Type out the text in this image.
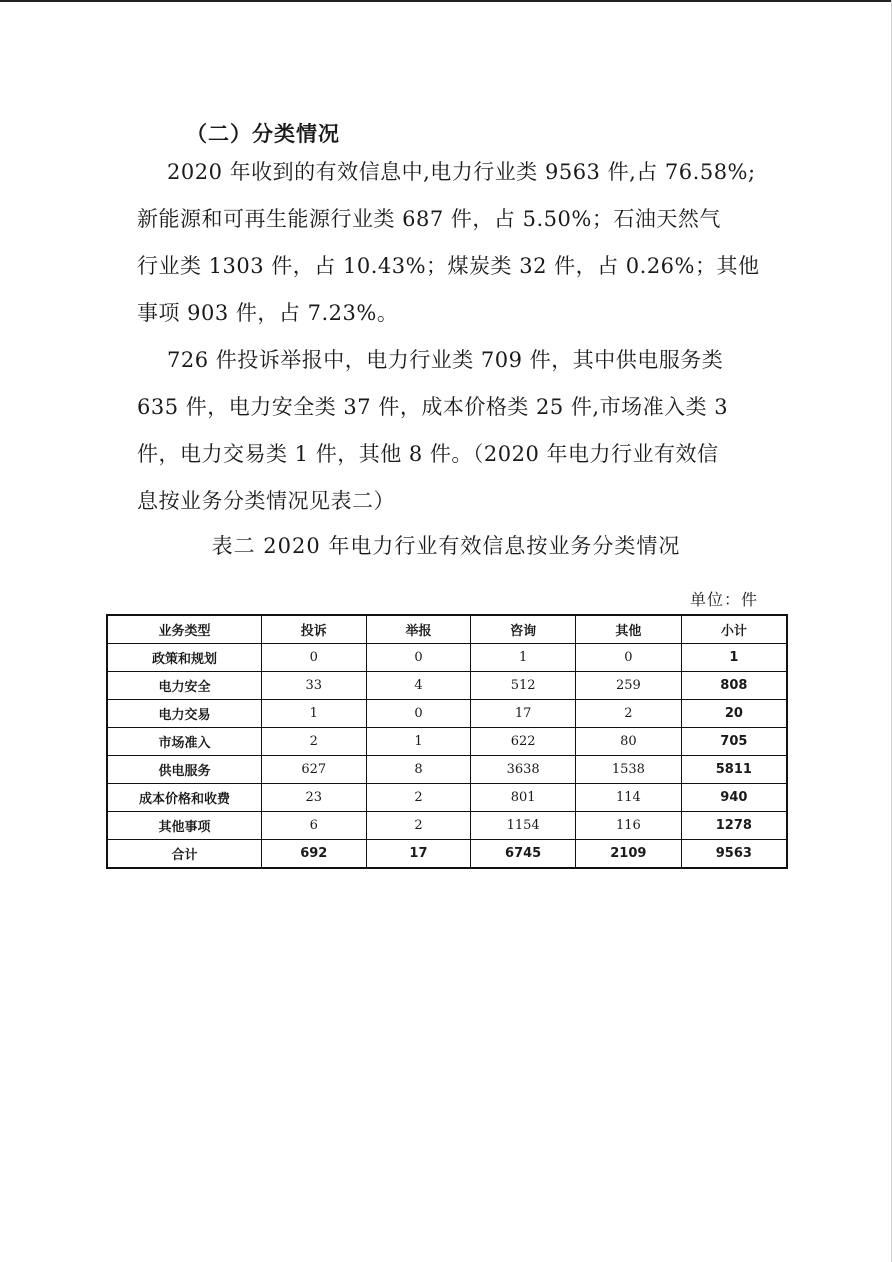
（二）分类情况
2020 年收到的有效信息中,电力行业类 9563 件,占 76.58%;
新能源和可再生能源行业类 687 件，占 5.50%；石油天然气
行业类 1303 件，占 10.43%；煤炭类 32 件，占 0.26%；其他
事项 903 件，占 7.23%。
726 件投诉举报中，电力行业类 709 件，其中供电服务类
635 件，电力安全类 37 件，成本价格类 25 件,市场准入类 3
件，电力交易类 1 件，其他 8 件。（2020 年电力行业有效信
息按业务分类情况见表二）
表二 2020 年电力行业有效信息按业务分类情况
单位：件
业务类型	投诉	举报	咨询	其他	小计
政策和规划	0	0	1	0	1
电力安全	33	4	512	259	808
电力交易	1	0	17	2	20
市场准入	2	1	622	80	705
供电服务	627	8	3638	1538	5811
成本价格和收费	23	2	801	114	940
其他事项	6	2	1154	116	1278
合计	692	17	6745	2109	9563
